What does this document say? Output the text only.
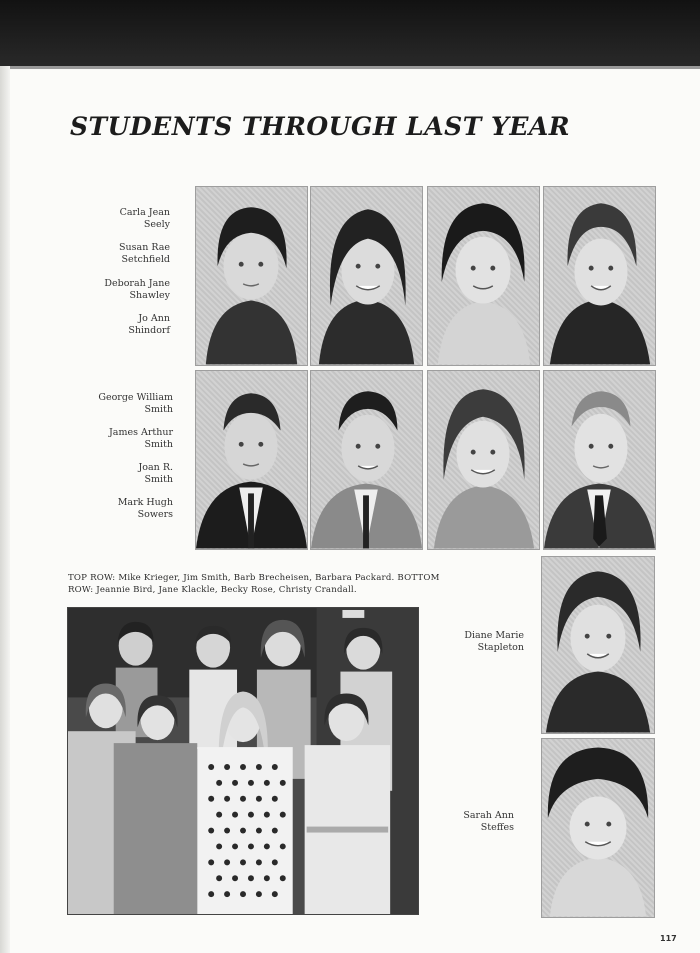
STUDENTS THROUGH LAST YEAR
Carla Jean
Seely
Susan Rae
Setchfield
Deborah Jane
Shawley
Jo Ann
Shindorf
George William
Smith
James Arthur
Smith
Joan R.
Smith
Mark Hugh
Sowers
Diane Marie
Stapleton
Sarah Ann
Steffes
TOP ROW: Mike Krieger, Jim Smith, Barb Brecheisen, Barbara Packard. BOTTOM
ROW: Jeannie Bird, Jane Klackle, Becky Rose, Christy Crandall.
117
